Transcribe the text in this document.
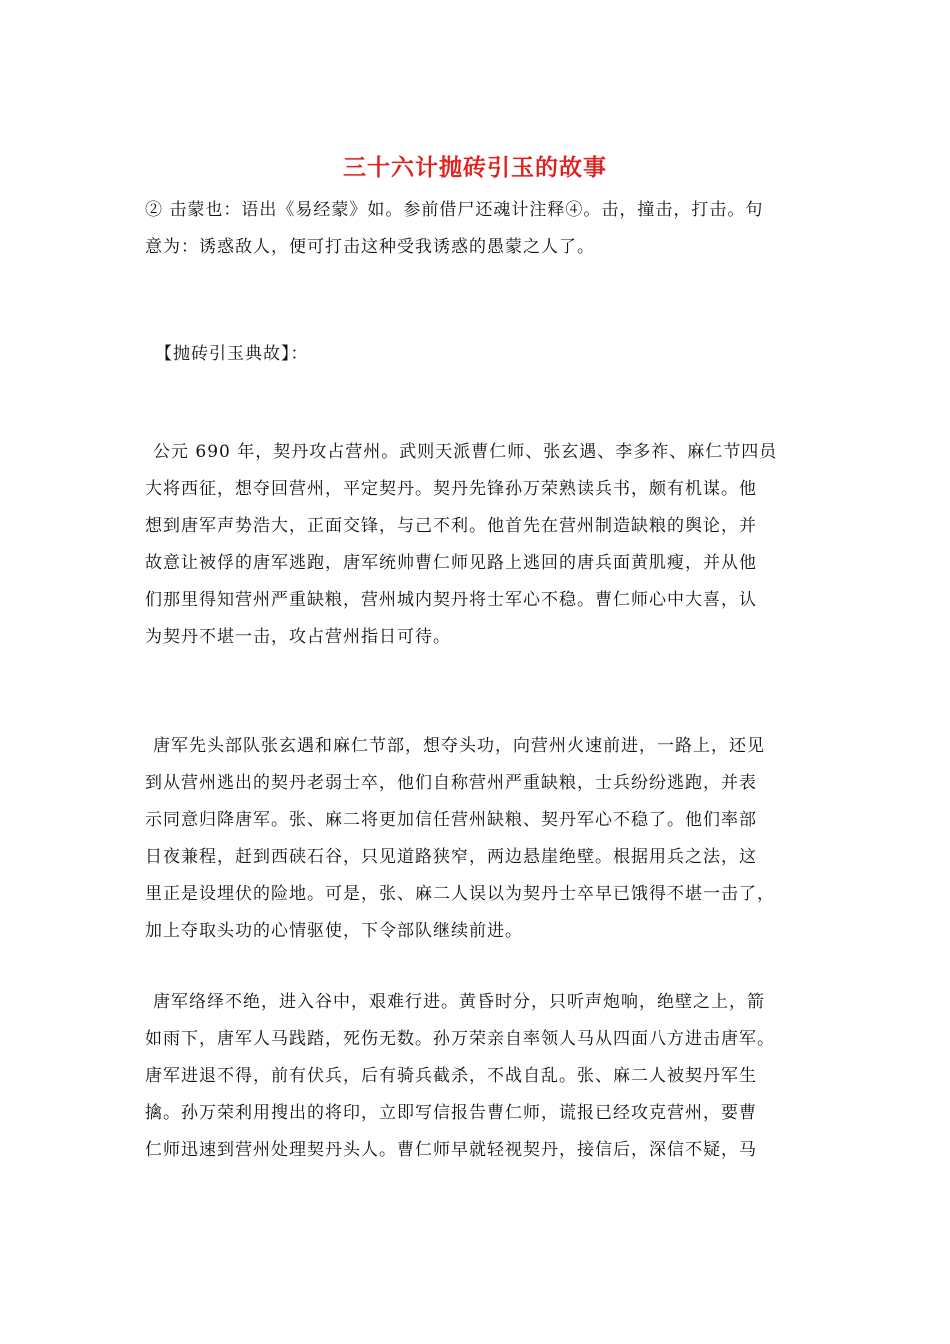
三十六计抛砖引玉的故事
② 击蒙也：语出《易经蒙》如。参前借尸还魂计注释④。击，撞击，打击。句
意为：诱惑敌人，便可打击这种受我诱惑的愚蒙之人了。
【抛砖引玉典故】：
公元 690 年，契丹攻占营州。武则天派曹仁师、张玄遇、李多祚、麻仁节四员
大将西征，想夺回营州，平定契丹。契丹先锋孙万荣熟读兵书，颇有机谋。他
想到唐军声势浩大，正面交锋，与己不利。他首先在营州制造缺粮的舆论，并
故意让被俘的唐军逃跑，唐军统帅曹仁师见路上逃回的唐兵面黄肌瘦，并从他
们那里得知营州严重缺粮，营州城内契丹将士军心不稳。曹仁师心中大喜，认
为契丹不堪一击，攻占营州指日可待。
唐军先头部队张玄遇和麻仁节部，想夺头功，向营州火速前进，一路上，还见
到从营州逃出的契丹老弱士卒，他们自称营州严重缺粮，士兵纷纷逃跑，并表
示同意归降唐军。张、麻二将更加信任营州缺粮、契丹军心不稳了。他们率部
日夜兼程，赶到西硖石谷，只见道路狭窄，两边悬崖绝壁。根据用兵之法，这
里正是设埋伏的险地。可是，张、麻二人误以为契丹士卒早已饿得不堪一击了，
加上夺取头功的心情驱使，下令部队继续前进。
唐军络绎不绝，进入谷中，艰难行进。黄昏时分，只听声炮响，绝壁之上，箭
如雨下，唐军人马践踏，死伤无数。孙万荣亲自率领人马从四面八方进击唐军。
唐军进退不得，前有伏兵，后有骑兵截杀，不战自乱。张、麻二人被契丹军生
擒。孙万荣利用搜出的将印，立即写信报告曹仁师，谎报已经攻克营州，要曹
仁师迅速到营州处理契丹头人。曹仁师早就轻视契丹，接信后，深信不疑，马
